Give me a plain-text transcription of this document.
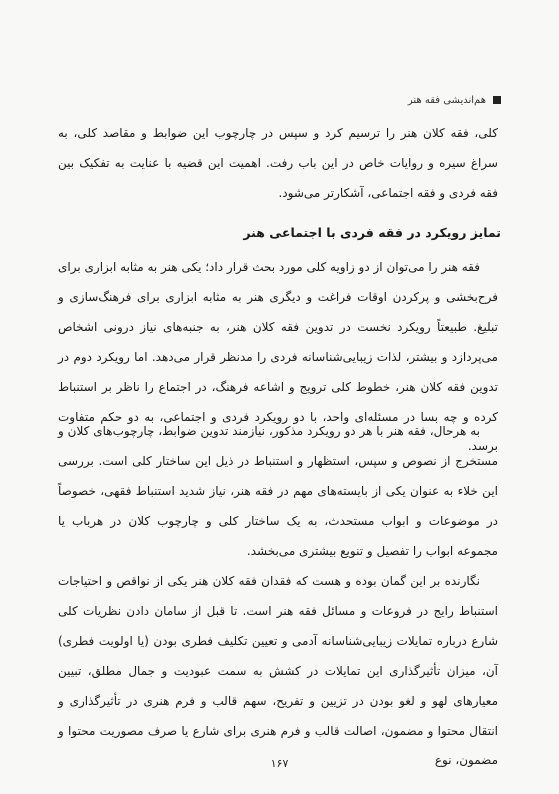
هم‌اندیشی فقه هنر

کلی، فقه کلان هنر را ترسیم کرد و سپس در چارچوب این ضوابط و مقاصد کلی، به سراغ سیره و روایات خاص در این باب رفت. اهمیت این قضیه با عنایت به تفکیک بین فقه فردی و فقه اجتماعی، آشکارتر می‌شود.

تمایز رویکرد در فقه فردی با اجتماعی هنر

فقه هنر را می‌توان از دو زاویه کلی مورد بحث قرار داد؛ یکی هنر به مثابه ابزاری برای فرح‌بخشی و پرکردن اوقات فراغت و دیگری هنر به مثابه ابزاری برای فرهنگ‌سازی و تبلیغ. طبیعتاً رویکرد نخست در تدوین فقه کلان هنر، به جنبه‌های نیاز درونی اشخاص می‌پردازد و بیشتر، لذات زیبایی‌شناسانه فردی را مدنظر قرار می‌دهد. اما رویکرد دوم در تدوین فقه کلان هنر، خطوط کلی ترویج و اشاعه فرهنگ، در اجتماع را ناظر بر استنباط کرده و چه بسا در مسئله‌ای واحد، با دو رویکرد فردی و اجتماعی، به دو حکم متفاوت برسد.

به هرحال، فقه هنر با هر دو رویکرد مذکور، نیازمند تدوین ضوابط، چارچوب‌های کلان و مستخرج از نصوص و سپس، استظهار و استنباط در ذیل این ساختار کلی است. بررسی این خلاء به عنوان یکی از بایسته‌های مهم در فقه هنر، نیاز شدید استنباط فقهی، خصوصاً در موضوعات و ابواب مستحدث، به یک ساختار کلی و چارچوب کلان در هرباب یا مجموعه ابواب را تفصیل و تنویع بیشتری می‌بخشد.

نگارنده بر این گمان بوده و هست که فقدان فقه کلان هنر یکی از نواقص و احتیاجات استنباط رایج در فروعات و مسائل فقه هنر است. تا قبل از سامان دادن نظریات کلی شارع درباره تمایلات زیبایی‌شناسانه آدمی و تعیین تکلیف فطری بودن (یا اولویت فطری) آن، میزان تأثیرگذاری این تمایلات در کشش به سمت عبودیت و جمال مطلق، تبیین معیارهای لهو و لغو بودن در تزیین و تفریح، سهم قالب و فرم هنری در تأثیرگذاری و انتقال محتوا و مضمون، اصالت قالب و فرم هنری برای شارع یا صرف مصوریت محتوا و مضمون، نوع

۱۶۷
